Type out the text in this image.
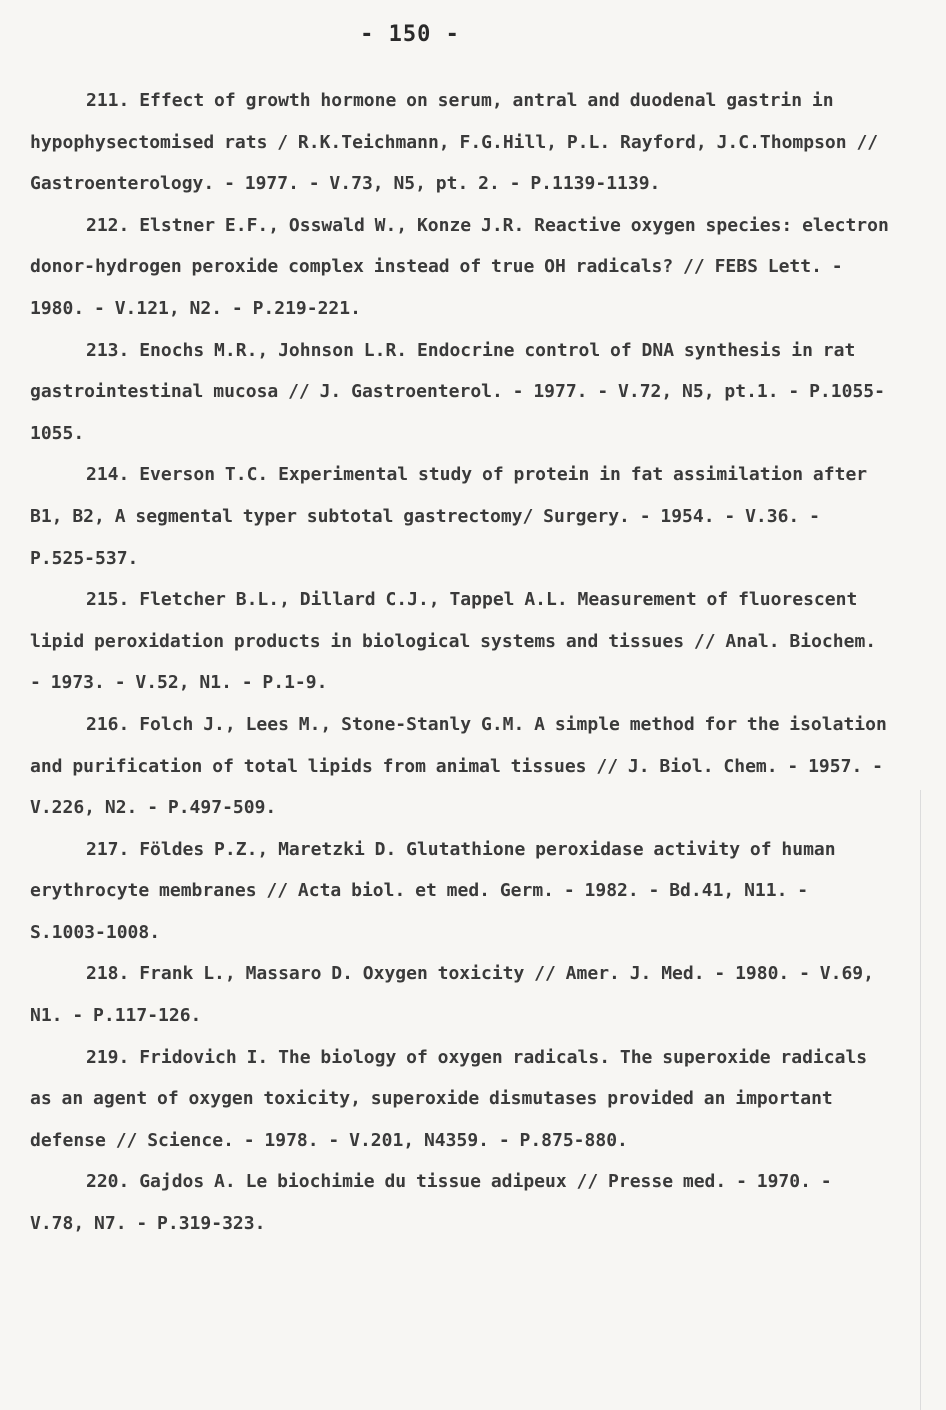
- 150 -

211. Effect of growth hormone on serum, antral and duodenal gastrin in hypophysectomised rats / R.K.Teichmann, F.G.Hill, P.L. Rayford, J.C.Thompson // Gastroenterology. - 1977. - V.73, N5, pt. 2. - P.1139-1139.

212. Elstner E.F., Osswald W., Konze J.R. Reactive oxygen species: electron donor-hydrogen peroxide complex instead of true OH radicals? // FEBS Lett. - 1980. - V.121, N2. - P.219-221.

213. Enochs M.R., Johnson L.R. Endocrine control of DNA synthesis in rat gastrointestinal mucosa // J. Gastroenterol. - 1977. - V.72, N5, pt.1. - P.1055-1055.

214. Everson T.C. Experimental study of protein in fat assimilation after B1, B2, A segmental typer subtotal gastrectomy/ Surgery. - 1954. - V.36. - P.525-537.

215. Fletcher B.L., Dillard C.J., Tappel A.L. Measurement of fluorescent lipid peroxidation products in biological systems and tissues // Anal. Biochem. - 1973. - V.52, N1. - P.1-9.

216. Folch J., Lees M., Stone-Stanly G.M. A simple method for the isolation and purification of total lipids from animal tissues // J. Biol. Chem. - 1957. - V.226, N2. - P.497-509.

217. Földes P.Z., Maretzki D. Glutathione peroxidase activity of human erythrocyte membranes // Acta biol. et med. Germ. - 1982. - Bd.41, N11. - S.1003-1008.

218. Frank L., Massaro D. Oxygen toxicity // Amer. J. Med. - 1980. - V.69, N1. - P.117-126.

219. Fridovich I. The biology of oxygen radicals. The superoxide radicals as an agent of oxygen toxicity, superoxide dismutases provided an important defense // Science. - 1978. - V.201, N4359. - P.875-880.

220. Gajdos A. Le biochimie du tissue adipeux // Presse med. - 1970. - V.78, N7. - P.319-323.
